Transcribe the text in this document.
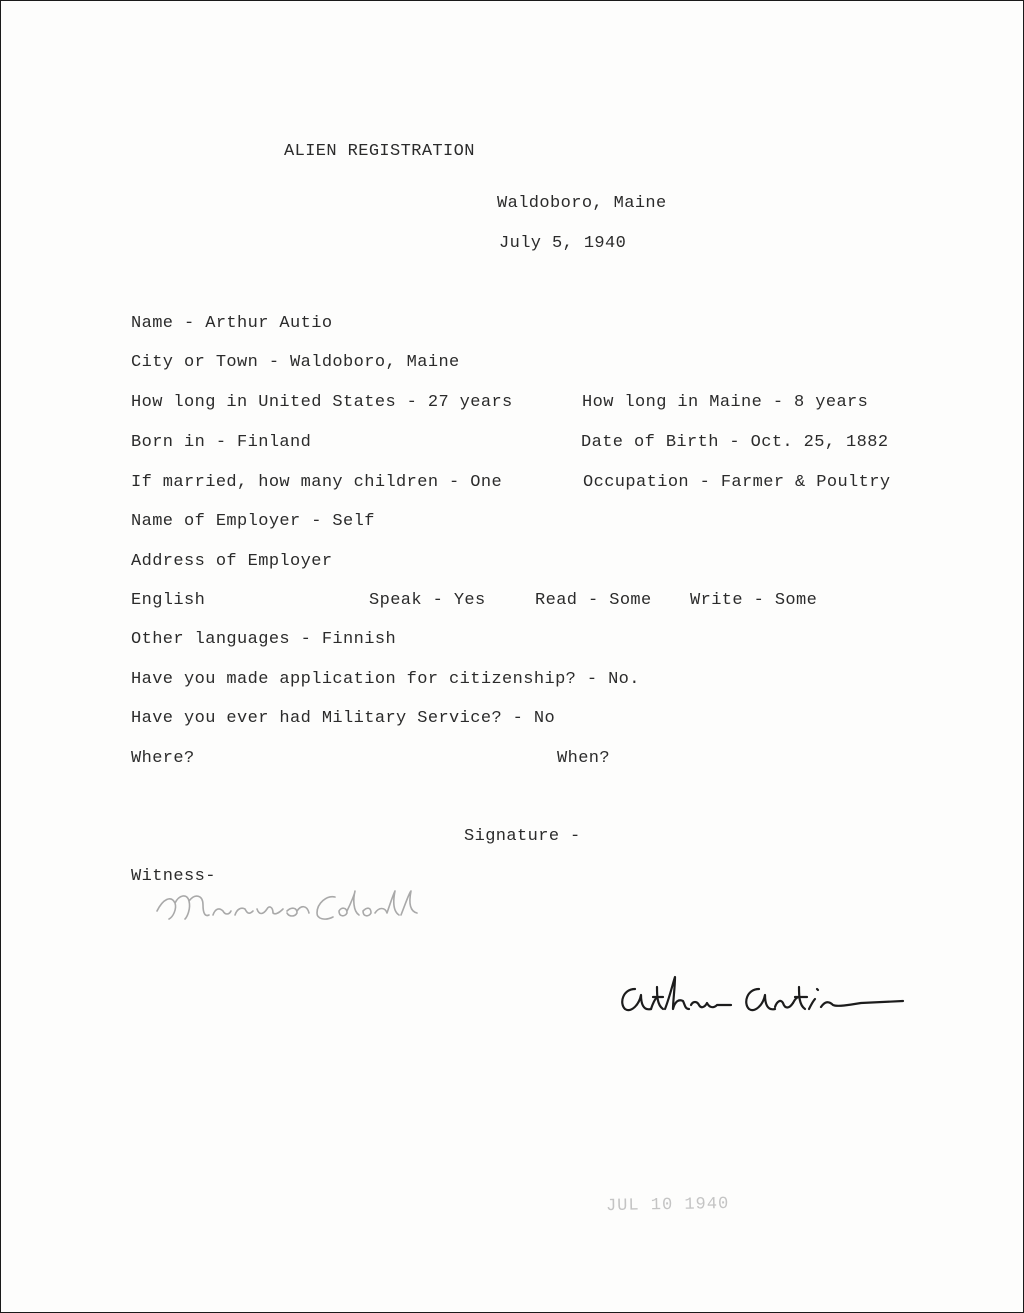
ALIEN REGISTRATION
Waldoboro, Maine
July 5, 1940
Name - Arthur Autio
City or Town - Waldoboro, Maine
How long in United States - 27 years	How long in Maine - 8 years
Born in - Finland	Date of Birth - Oct. 25, 1882
If married, how many children - One	Occupation - Farmer & Poultry
Name of Employer - Self
Address of Employer
English	Speak - Yes	Read - Some Write - Some
Other languages - Finnish
Have you made application for citizenship? - No.
Have you ever had Military Service? - No
Where?	When?
Signature -
Witness-
JUL 10 1940
